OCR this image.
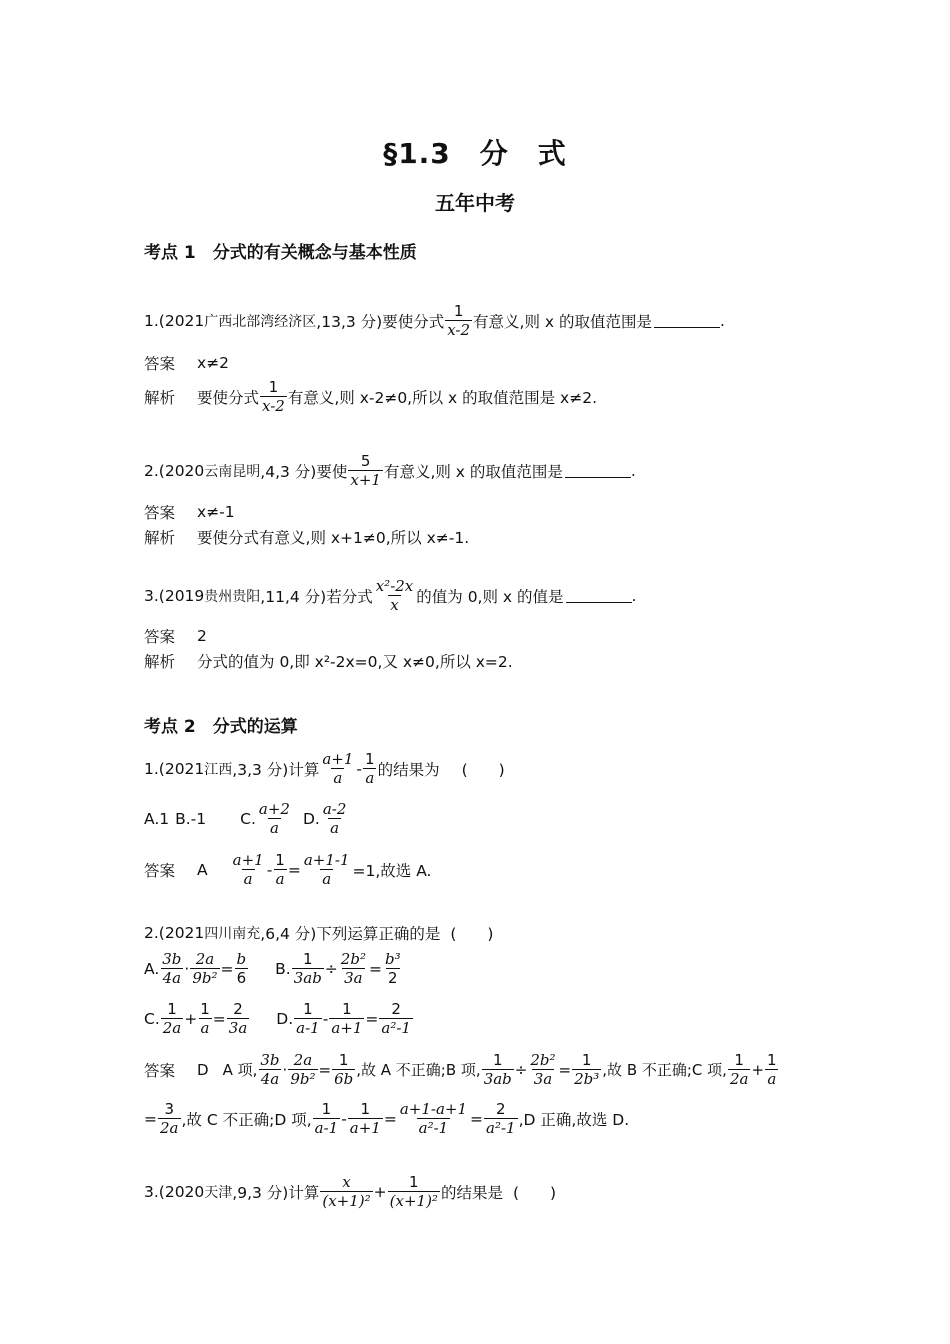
§1.3　分　式
五年中考
考点 1　分式的有关概念与基本性质
1.(2021 广西北部湾经济区 ,13,3 分)要使分式 $\frac{1}{x-2}$ 有意义,则 x 的取值范围是	.
答案 x≠2
解析 要使分式 $\frac{1}{x-2}$ 有意义,则 x-2≠0,所以 x 的取值范围是 x≠2.
2.(2020 云南昆明 ,4,3 分)要使 $\frac{5}{x+1}$ 有意义,则 x 的取值范围是	.
答案 x≠-1
解析 要使分式有意义,则 x+1≠0,所以 x≠-1.
3.(2019 贵州贵阳 ,11,4 分)若分式 $\frac{\text{x²-2x}}{x}$ 的值为 0,则 x 的值是	.
答案 2
解析 分式的值为 0,即 x²-2x=0,又 x≠0,所以 x=2.
考点 2　分式的运算
1.(2021 江西 ,3,3 分)计算 $\frac{a+1}{a} - \frac{1}{a}$ 的结果为 (　　)
A.1 B.-1 C. $\frac{a+2}{a} D$. $\frac{a-2}{a}$
答案 A $\frac{a+1}{a} - \frac{1}{a} = \frac{a+1-1}{a} =1$,故选 A.
2.(2021 四川南充 ,6,4 分)下列运算正确的是 (　　)
A. $\frac{3b}{4a} \cdot \frac{2a}{\text{9b²}} = \frac{b}{6} B$. $\frac{1}{3ab} \div \frac{\text{2b²}}{3a} = \frac{\text{b³}}{2}$
C. $\frac{1}{2a} + \frac{1}{a} = \frac{2}{3a} D$. $\frac{1}{a-1} - \frac{1}{a+1} = \frac{2}{\text{a²-1}}$
答案 D A 项, $\frac{3b}{4a} \cdot \frac{2a}{\text{9b²}} = \frac{1}{6b}$ ,故 A 不正确;B 项, $\frac{1}{3ab} \div \frac{\text{2b²}}{3a} = \frac{1}{\text{2b³}}$ ,故 B 不正确;C 项, $\frac{1}{2a} + \frac{1}{a}$
= $\frac{3}{2a}$ ,故 C 不正确;D 项, $\frac{1}{a-1} - \frac{1}{a+1} = \frac{a+1-a+1}{\text{a²-1}} = \frac{2}{\text{a²-1}} ,D$ 正确,故选 D.
3.(2020 天津 ,9,3 分)计算 $\frac{x}{\text{(x+1)²}} + \frac{1}{\text{(x+1)²}}$ 的结果是 (　　)
